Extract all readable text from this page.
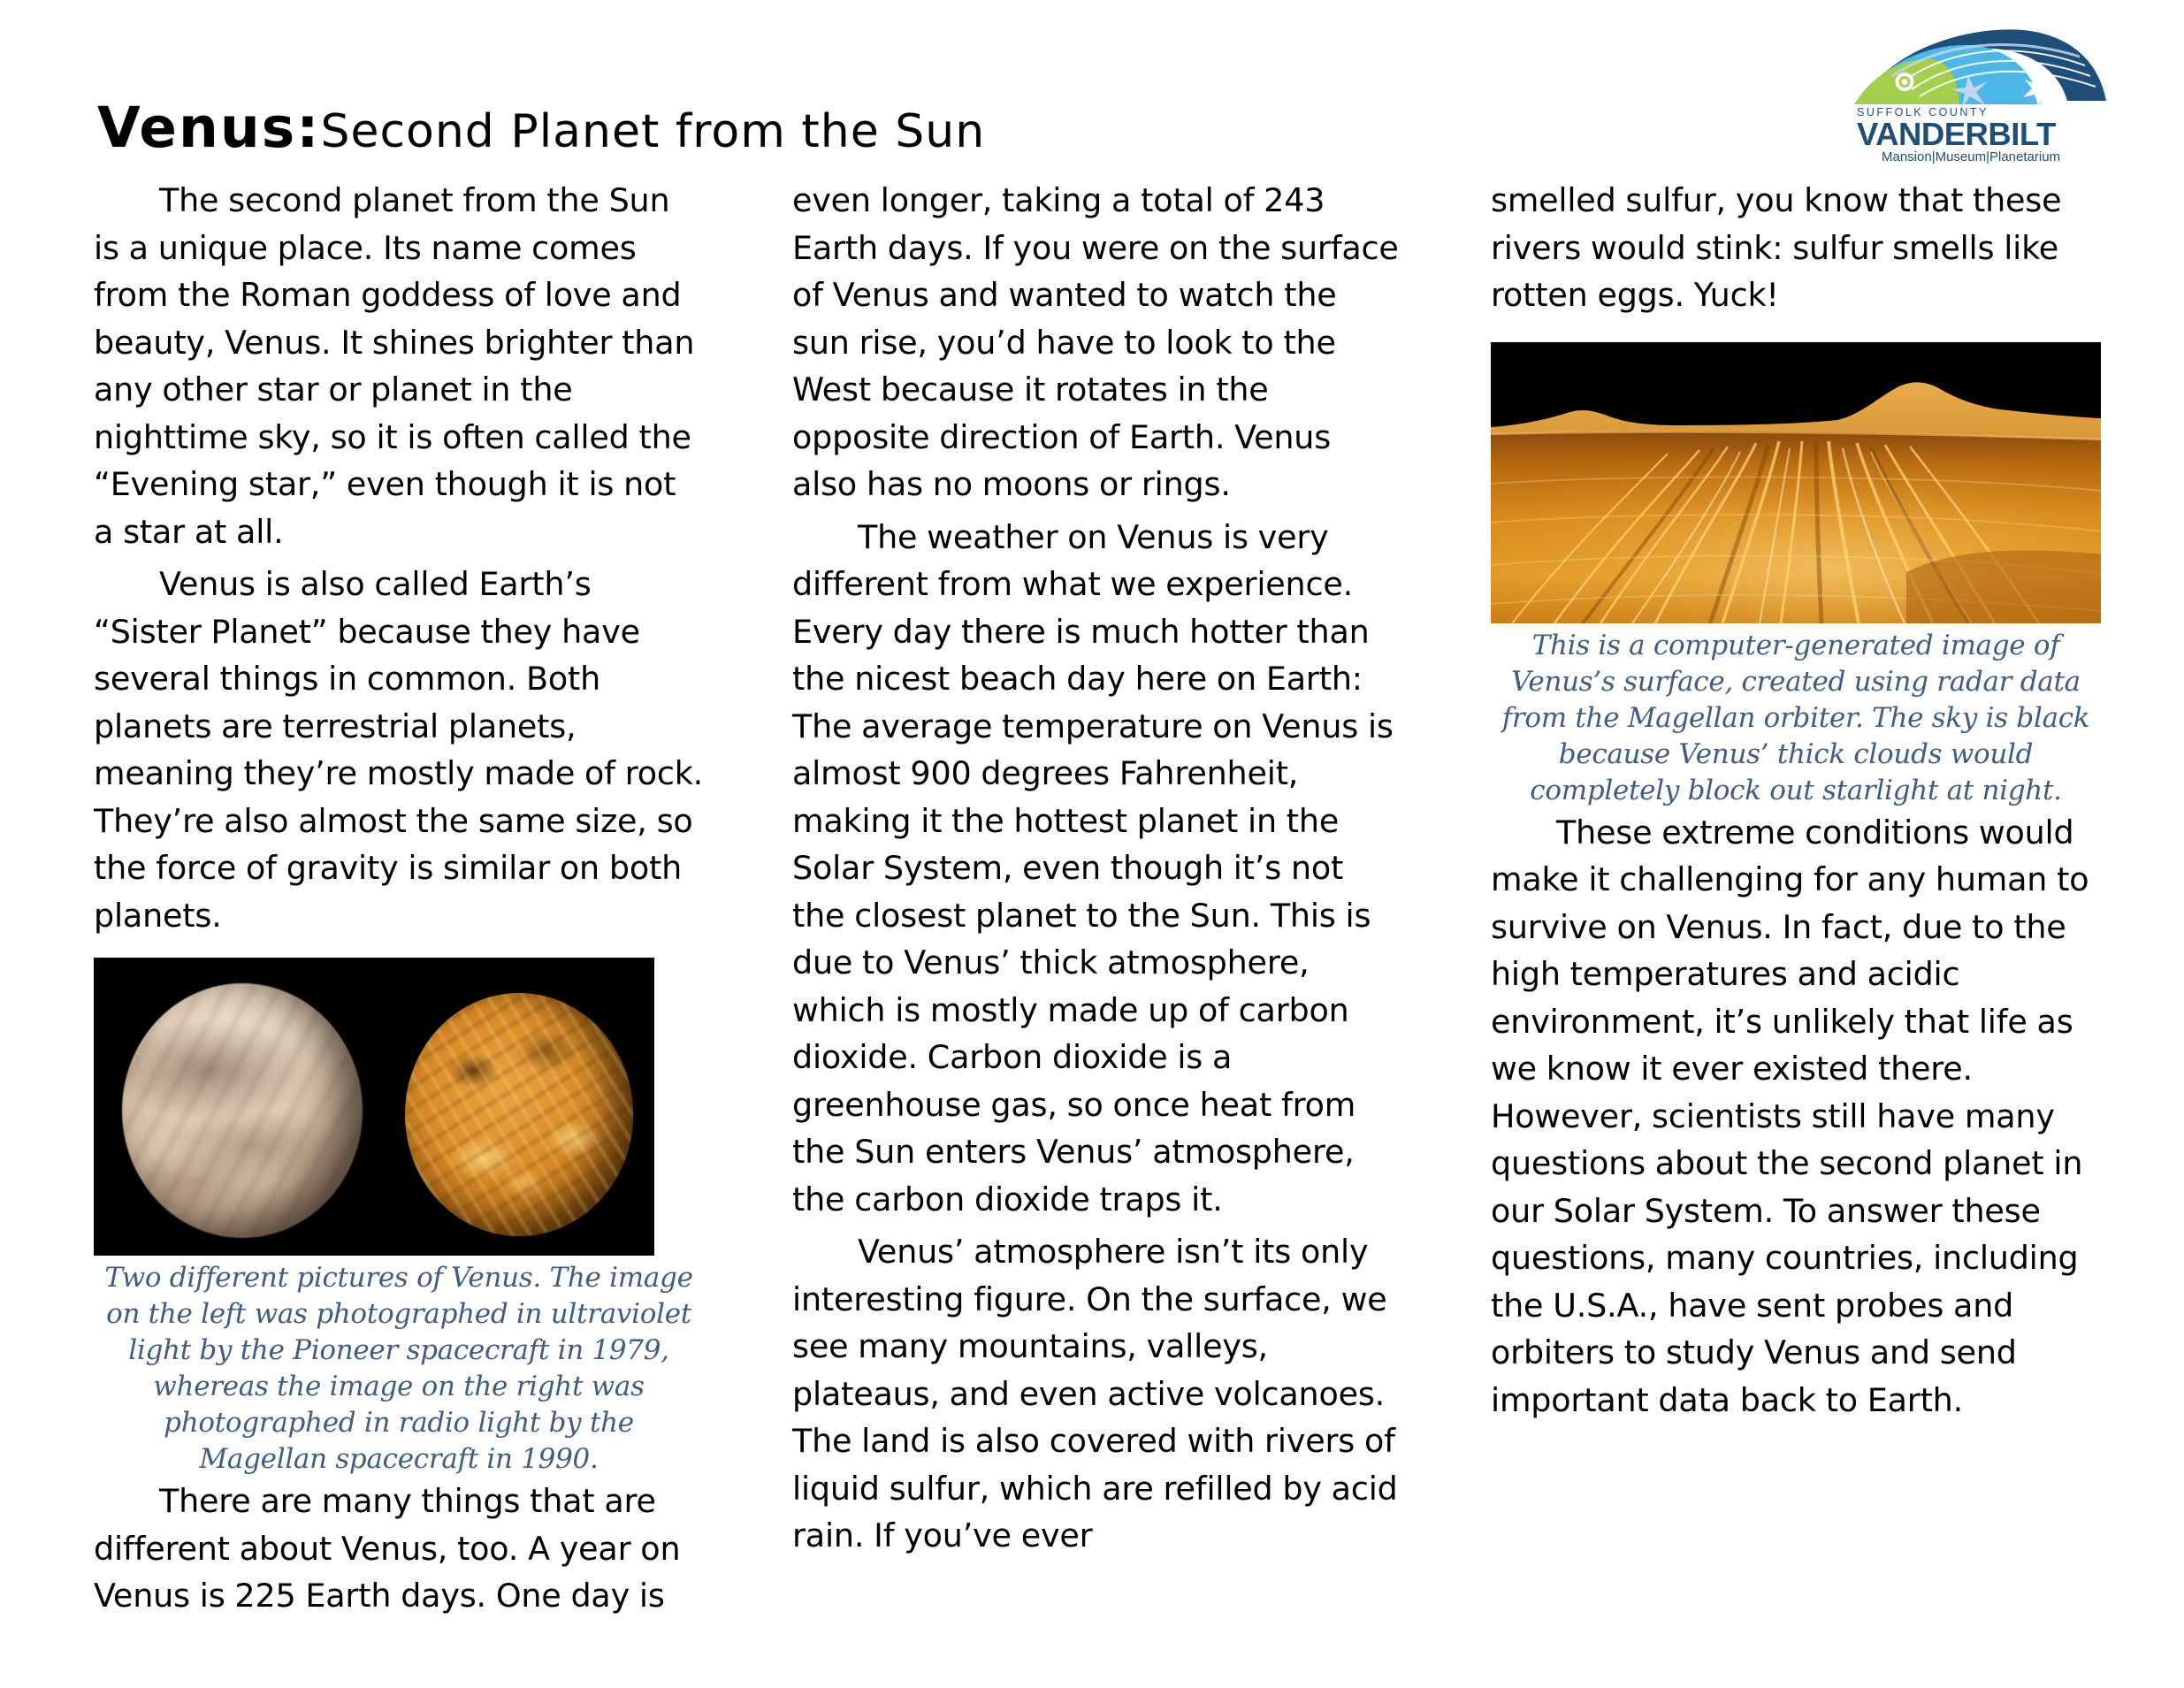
Venus:Second Planet from the Sun	SUFFOLK COUNTY
VANDERBILT
Mansion|Museum|Planetarium

The second planet from the Sun is a unique place. Its name comes from the Roman goddess of love and beauty, Venus. It shines brighter than any other star or planet in the nighttime sky, so it is often called the “Evening star,” even though it is not a star at all.

Venus is also called Earth’s “Sister Planet” because they have several things in common. Both planets are terrestrial planets, meaning they’re mostly made of rock. They’re also almost the same size, so the force of gravity is similar on both planets.

Two different pictures of Venus. The image on the left was photographed in ultraviolet light by the Pioneer spacecraft in 1979, whereas the image on the right was photographed in radio light by the Magellan spacecraft in 1990.

There are many things that are different about Venus, too. A year on Venus is 225 Earth days. One day is

even longer, taking a total of 243 Earth days. If you were on the surface of Venus and wanted to watch the sun rise, you’d have to look to the West because it rotates in the opposite direction of Earth. Venus also has no moons or rings.

The weather on Venus is very different from what we experience. Every day there is much hotter than the nicest beach day here on Earth: The average temperature on Venus is almost 900 degrees Fahrenheit, making it the hottest planet in the Solar System, even though it’s not the closest planet to the Sun. This is due to Venus’ thick atmosphere, which is mostly made up of carbon dioxide. Carbon dioxide is a greenhouse gas, so once heat from the Sun enters Venus’ atmosphere, the carbon dioxide traps it.

Venus’ atmosphere isn’t its only interesting figure. On the surface, we see many mountains, valleys, plateaus, and even active volcanoes. The land is also covered with rivers of liquid sulfur, which are refilled by acid rain. If you’ve ever

smelled sulfur, you know that these rivers would stink: sulfur smells like rotten eggs. Yuck!

This is a computer-generated image of Venus’s surface, created using radar data from the Magellan orbiter. The sky is black because Venus’ thick clouds would completely block out starlight at night.

These extreme conditions would make it challenging for any human to survive on Venus. In fact, due to the high temperatures and acidic environment, it’s unlikely that life as we know it ever existed there. However, scientists still have many questions about the second planet in our Solar System. To answer these questions, many countries, including the U.S.A., have sent probes and orbiters to study Venus and send important data back to Earth.
